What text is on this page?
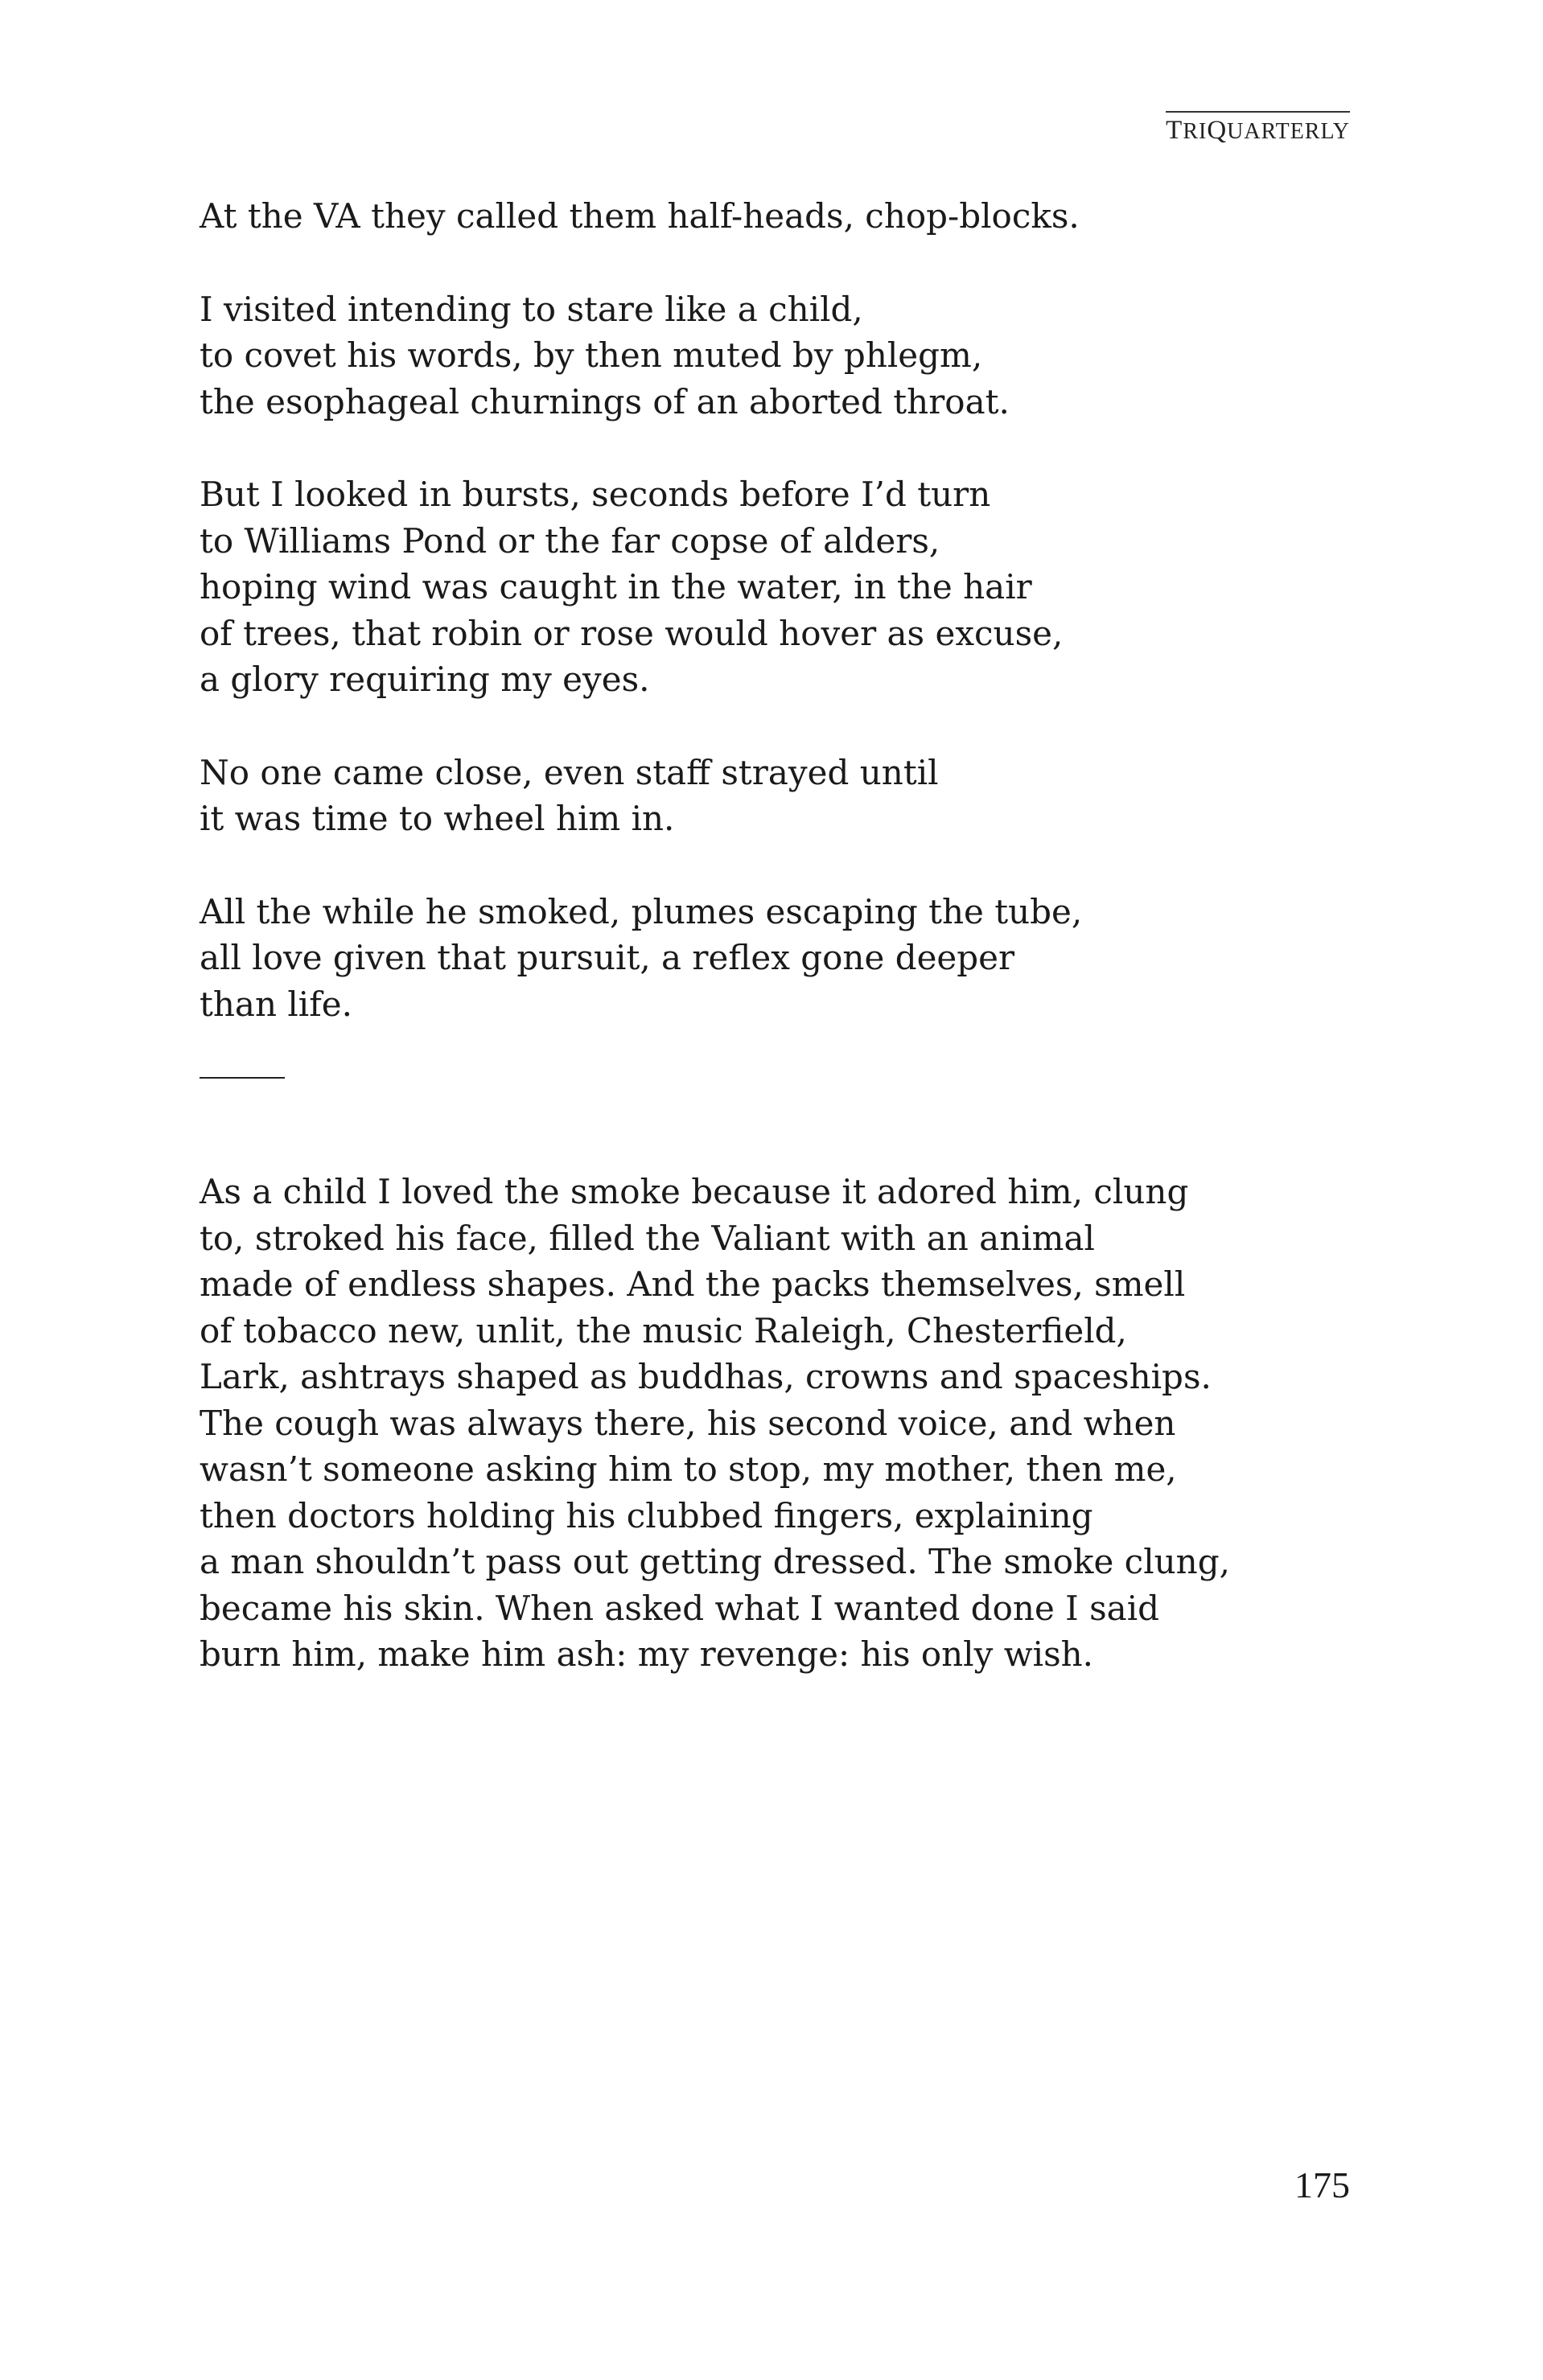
TRIQUARTERLY
At the VA they called them half-heads, chop-blocks.
I visited intending to stare like a child,
to covet his words, by then muted by phlegm,
the esophageal churnings of an aborted throat.
But I looked in bursts, seconds before I’d turn
to Williams Pond or the far copse of alders,
hoping wind was caught in the water, in the hair
of trees, that robin or rose would hover as excuse,
a glory requiring my eyes.
No one came close, even staff strayed until
it was time to wheel him in.
All the while he smoked, plumes escaping the tube,
all love given that pursuit, a reflex gone deeper
than life.
As a child I loved the smoke because it adored him, clung
to, stroked his face, filled the Valiant with an animal
made of endless shapes. And the packs themselves, smell
of tobacco new, unlit, the music Raleigh, Chesterfield,
Lark, ashtrays shaped as buddhas, crowns and spaceships.
The cough was always there, his second voice, and when
wasn’t someone asking him to stop, my mother, then me,
then doctors holding his clubbed fingers, explaining
a man shouldn’t pass out getting dressed. The smoke clung,
became his skin. When asked what I wanted done I said
burn him, make him ash: my revenge: his only wish.
175
